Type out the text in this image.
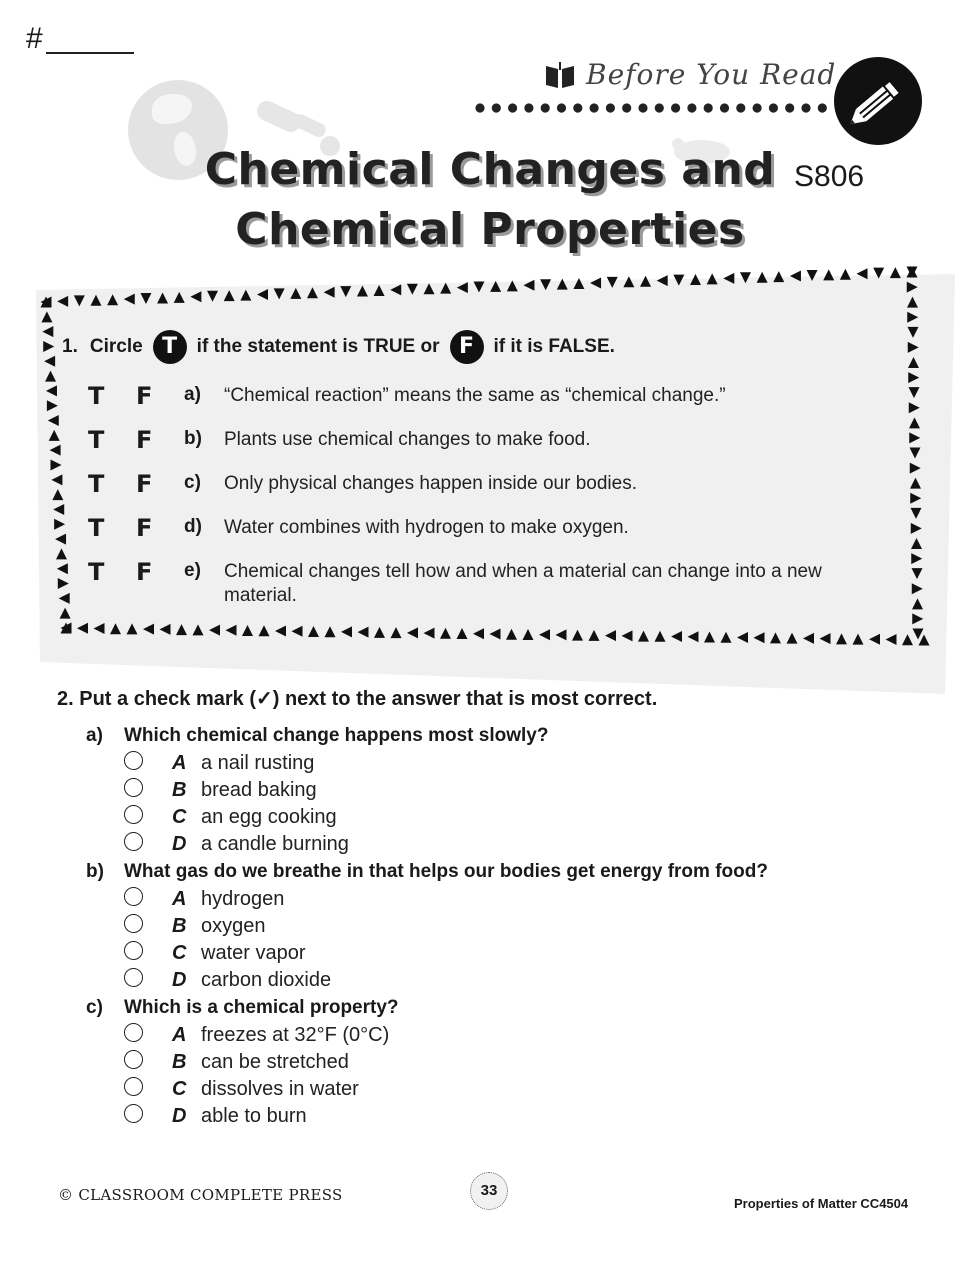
#
Before You Read
Chemical Changes and
Chemical Properties
S806
1. Circle T	if the statement is TRUE or F	if it is FALSE.
T F a) “Chemical reaction” means the same as “chemical change.”
T F b) Plants use chemical changes to make food.
T F c) Only physical changes happen inside our bodies.
T F d) Water combines with hydrogen to make oxygen.
T F e) Chemical changes tell how and when a material can change into a new material.
2. Put a check mark (✓) next to the answer that is most correct.
a) Which chemical change happens most slowly?
A a nail rusting
B bread baking
C an egg cooking
D a candle burning
b) What gas do we breathe in that helps our bodies get energy from food?
A hydrogen
B oxygen
C water vapor
D carbon dioxide
c) Which is a chemical property?
A freezes at 32°F (0°C)
B can be stretched
C dissolves in water
D able to burn
© CLASSROOM COMPLETE PRESS	33
Properties of Matter CC4504
